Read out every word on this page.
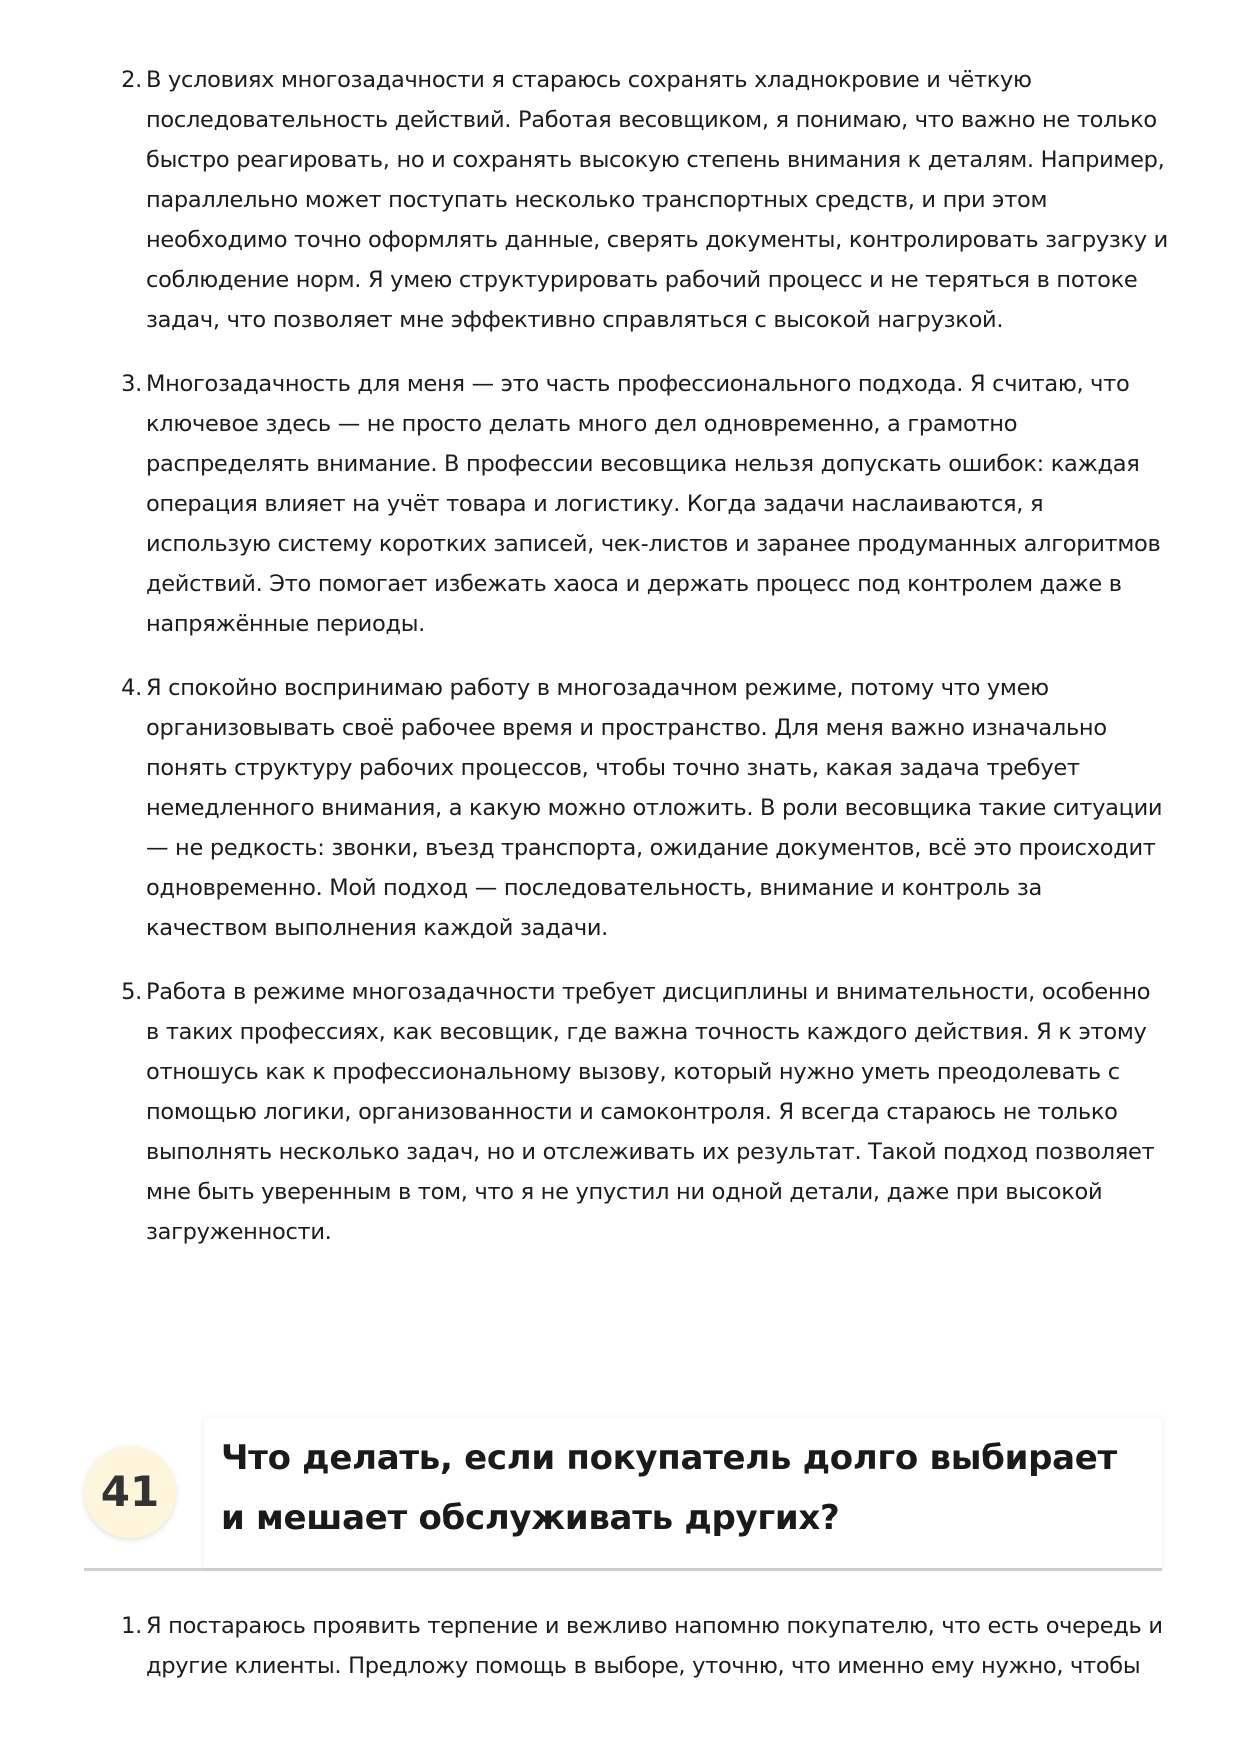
2. В условиях многозадачности я стараюсь сохранять хладнокровие и чёткую последовательность действий. Работая весовщиком, я понимаю, что важно не только быстро реагировать, но и сохранять высокую степень внимания к деталям. Например, параллельно может поступать несколько транспортных средств, и при этом необходимо точно оформлять данные, сверять документы, контролировать загрузку и соблюдение норм. Я умею структурировать рабочий процесс и не теряться в потоке задач, что позволяет мне эффективно справляться с высокой нагрузкой.
3. Многозадачность для меня — это часть профессионального подхода. Я считаю, что ключевое здесь — не просто делать много дел одновременно, а грамотно распределять внимание. В профессии весовщика нельзя допускать ошибок: каждая операция влияет на учёт товара и логистику. Когда задачи наслаиваются, я использую систему коротких записей, чек-листов и заранее продуманных алгоритмов действий. Это помогает избежать хаоса и держать процесс под контролем даже в напряжённые периоды.
4. Я спокойно воспринимаю работу в многозадачном режиме, потому что умею организовывать своё рабочее время и пространство. Для меня важно изначально понять структуру рабочих процессов, чтобы точно знать, какая задача требует немедленного внимания, а какую можно отложить. В роли весовщика такие ситуации — не редкость: звонки, въезд транспорта, ожидание документов, всё это происходит одновременно. Мой подход — последовательность, внимание и контроль за качеством выполнения каждой задачи.
5. Работа в режиме многозадачности требует дисциплины и внимательности, особенно в таких профессиях, как весовщик, где важна точность каждого действия. Я к этому отношусь как к профессиональному вызову, который нужно уметь преодолевать с помощью логики, организованности и самоконтроля. Я всегда стараюсь не только выполнять несколько задач, но и отслеживать их результат. Такой подход позволяет мне быть уверенным в том, что я не упустил ни одной детали, даже при высокой загруженности.
41
Что делать, если покупатель долго выбирает и мешает обслуживать других?
1. Я постараюсь проявить терпение и вежливо напомню покупателю, что есть очередь и другие клиенты. Предложу помощь в выборе, уточню, что именно ему нужно, чтобы
